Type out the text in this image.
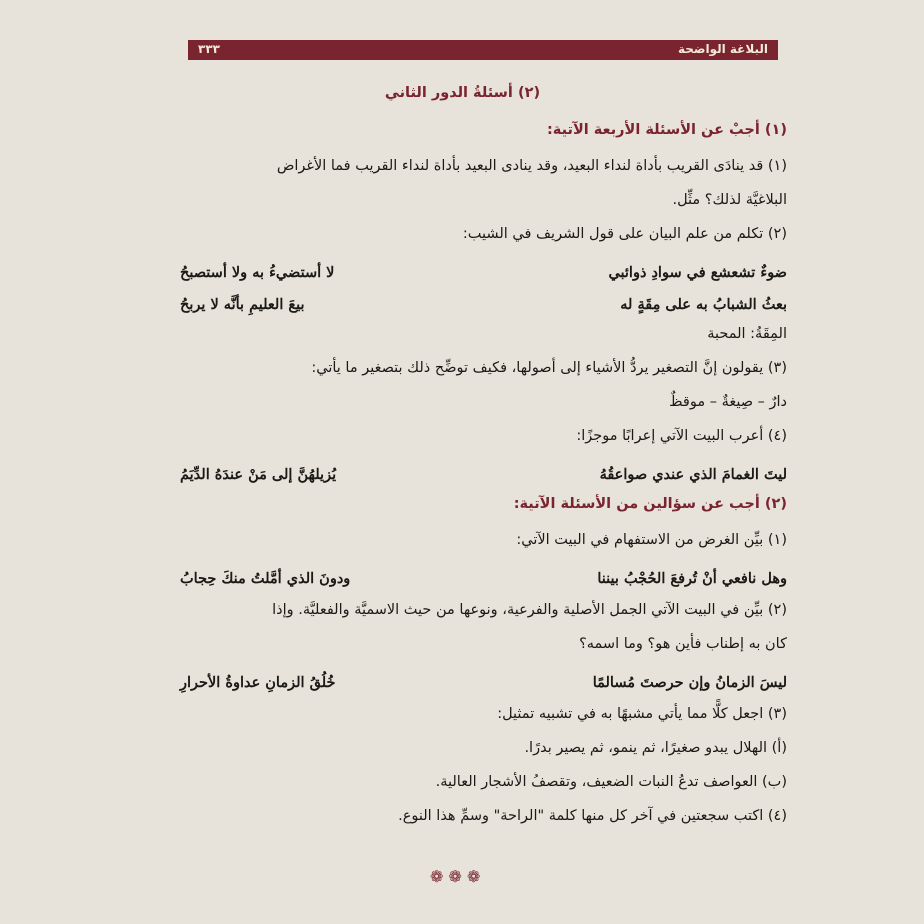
البلاغة الواضحة
٣٣٣
(٢) أسئلةُ الدور الثاني
(١) أجبْ عن الأسئلة الأربعة الآتية:
(١) قد ينادَى القريب بأداة لنداء البعيد، وقد ينادى البعيد بأداة لنداء القريب فما الأغراض
البلاغيَّة لذلك؟ مثِّل.
(٢) تكلم من علم البيان على قول الشريف في الشيب:
ضوءٌ تشعشع في سوادِ ذوائبي
لا أستضيءُ به ولا أستصبحُ
بعثُ الشبابُ به على مِقَةٍ له
بيعَ العليمِ بأنَّه لا يربحُ
المِقَةُ: المحبة
(٣) يقولون إنَّ التصغير يردُّ الأشياء إلى أصولها، فكيف توضِّح ذلك بتصغير ما يأتي:
دارٌ – صِيغةٌ – موقظٌ
(٤) أعرب البيت الآتي إعرابًا موجزًا:
ليتَ الغمامَ الذي عندي صواعقُهُ
يُزيلهُنَّ إلى مَنْ عندَهُ الدِّيَمُ
(٢) أجب عن سؤالين من الأسئلة الآتية:
(١) بيِّن الغرض من الاستفهام في البيت الآتي:
وهل نافعي أنْ تُرفعَ الحُجْبُ بيننا
ودونَ الذي أمَّلتُ منكَ حِجابُ
(٢) بيِّن في البيت الآتي الجمل الأصلية والفرعية، ونوعها من حيث الاسميَّة والفعليَّة. وإذا
كان به إطناب فأين هو؟ وما اسمه؟
ليسَ الزمانُ وإن حرصتَ مُسالمًا
خُلُقُ الزمانِ عداوةُ الأحرارِ
(٣) اجعل كلًّا مما يأتي مشبهًا به في تشبيه تمثيل:
(أ) الهلال يبدو صغيرًا، ثم ينمو، ثم يصير بدرًا.
(ب) العواصف تدعُ النبات الضعيف، وتقصفُ الأشجار العالية.
(٤) اكتب سجعتين في آخر كل منها كلمة "الراحة" وسمِّ هذا النوع.
❁ ❁ ❁
